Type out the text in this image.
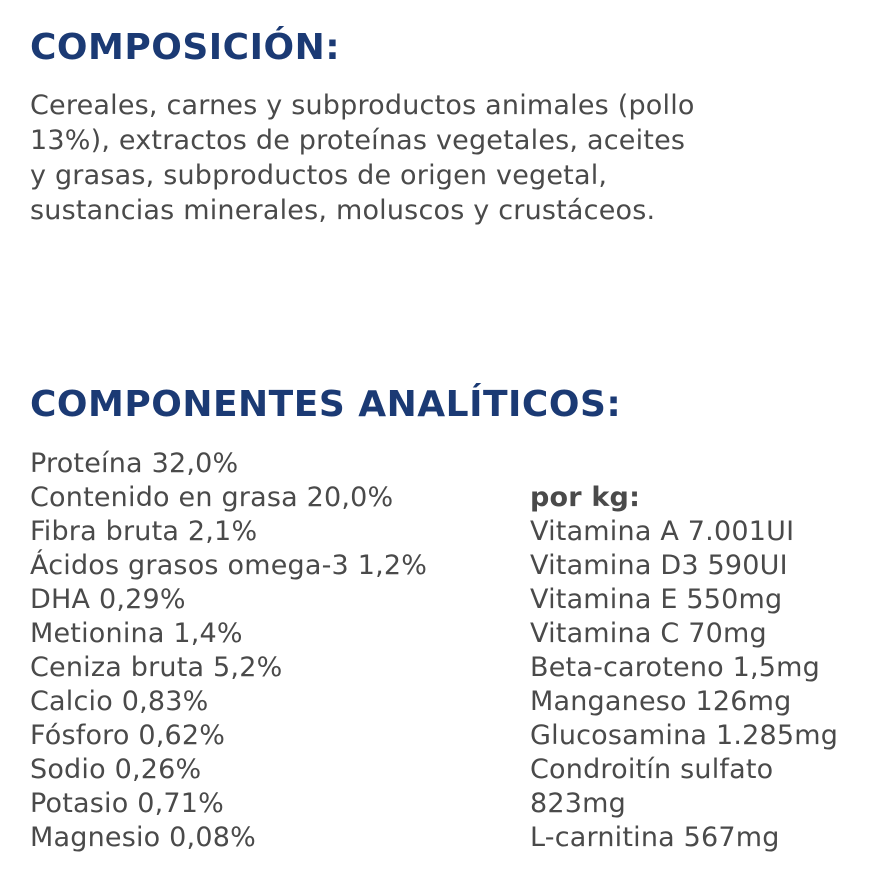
COMPOSICIÓN:

Cereales, carnes y subproductos animales (pollo
13%), extractos de proteínas vegetales, aceites
y grasas, subproductos de origen vegetal,
sustancias minerales, moluscos y crustáceos.

COMPONENTES ANALÍTICOS:
Proteína 32,0%
Contenido en grasa 20,0%
Fibra bruta 2,1%
Ácidos grasos omega-3 1,2%
DHA 0,29%
Metionina 1,4%
Ceniza bruta 5,2%
Calcio 0,83%
Fósforo 0,62%
Sodio 0,26%
Potasio 0,71%
Magnesio 0,08%
por kg:
Vitamina A 7.001UI
Vitamina D3 590UI
Vitamina E 550mg
Vitamina C 70mg
Beta-caroteno 1,5mg
Manganeso 126mg
Glucosamina 1.285mg
Condroitín sulfato
823mg
L-carnitina 567mg
